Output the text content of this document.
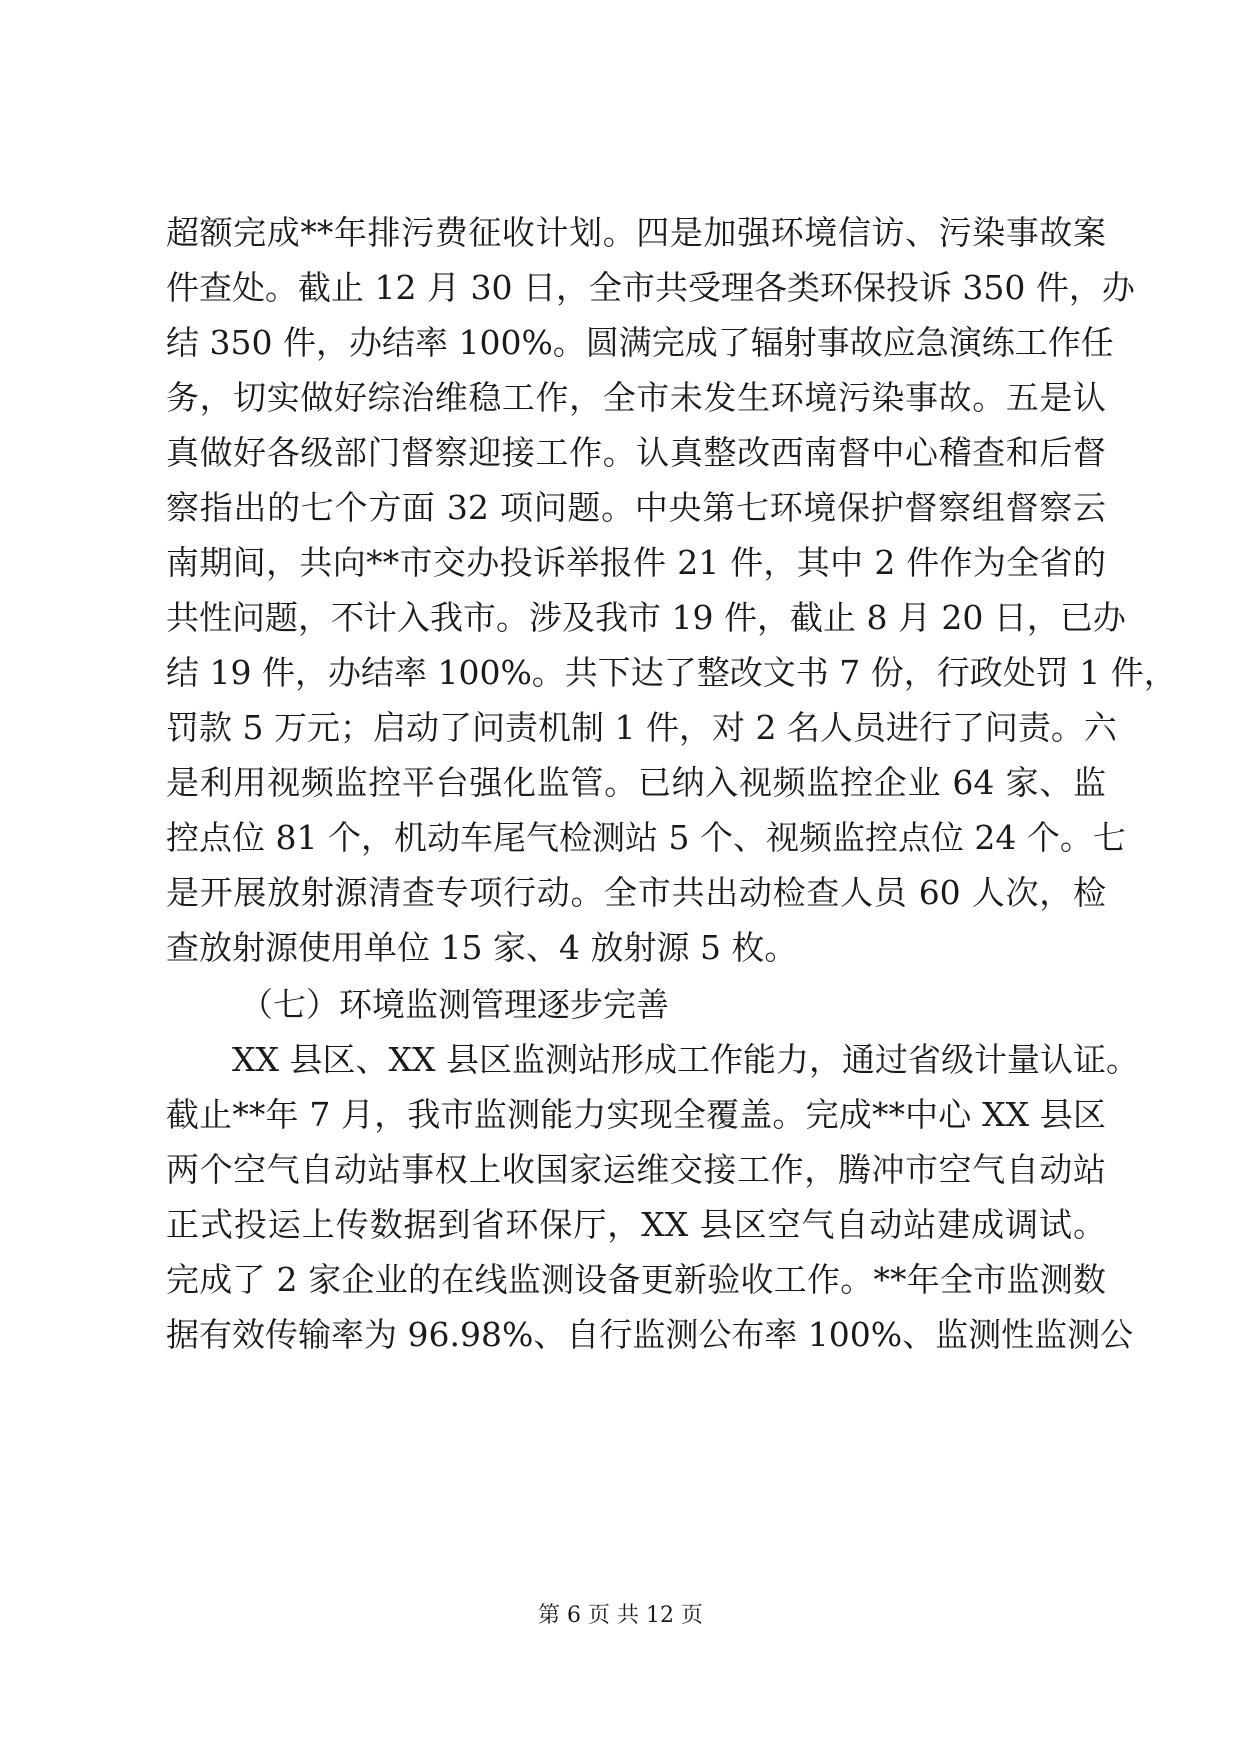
超额完成**年排污费征收计划。四是加强环境信访、污染事故案
件查处。截止 12 月 30 日，全市共受理各类环保投诉 350 件，办
结 350 件，办结率 100%。圆满完成了辐射事故应急演练工作任
务，切实做好综治维稳工作，全市未发生环境污染事故。五是认
真做好各级部门督察迎接工作。认真整改西南督中心稽查和后督
察指出的七个方面 32 项问题。中央第七环境保护督察组督察云
南期间，共向**市交办投诉举报件 21 件，其中 2 件作为全省的
共性问题，不计入我市。涉及我市 19 件，截止 8 月 20 日，已办
结 19 件，办结率 100%。共下达了整改文书 7 份，行政处罚 1 件，
罚款 5 万元；启动了问责机制 1 件，对 2 名人员进行了问责。六
是利用视频监控平台强化监管。已纳入视频监控企业 64 家、监
控点位 81 个，机动车尾气检测站 5 个、视频监控点位 24 个。七
是开展放射源清查专项行动。全市共出动检查人员 60 人次，检
查放射源使用单位 15 家、4 放射源 5 枚。
（七）环境监测管理逐步完善
XX 县区、XX 县区监测站形成工作能力，通过省级计量认证。
截止**年 7 月，我市监测能力实现全覆盖。完成**中心 XX 县区
两个空气自动站事权上收国家运维交接工作，腾冲市空气自动站
正式投运上传数据到省环保厅，XX 县区空气自动站建成调试。
完成了 2 家企业的在线监测设备更新验收工作。**年全市监测数
据有效传输率为 96.98%、自行监测公布率 100%、监测性监测公
第 6 页 共 12 页
